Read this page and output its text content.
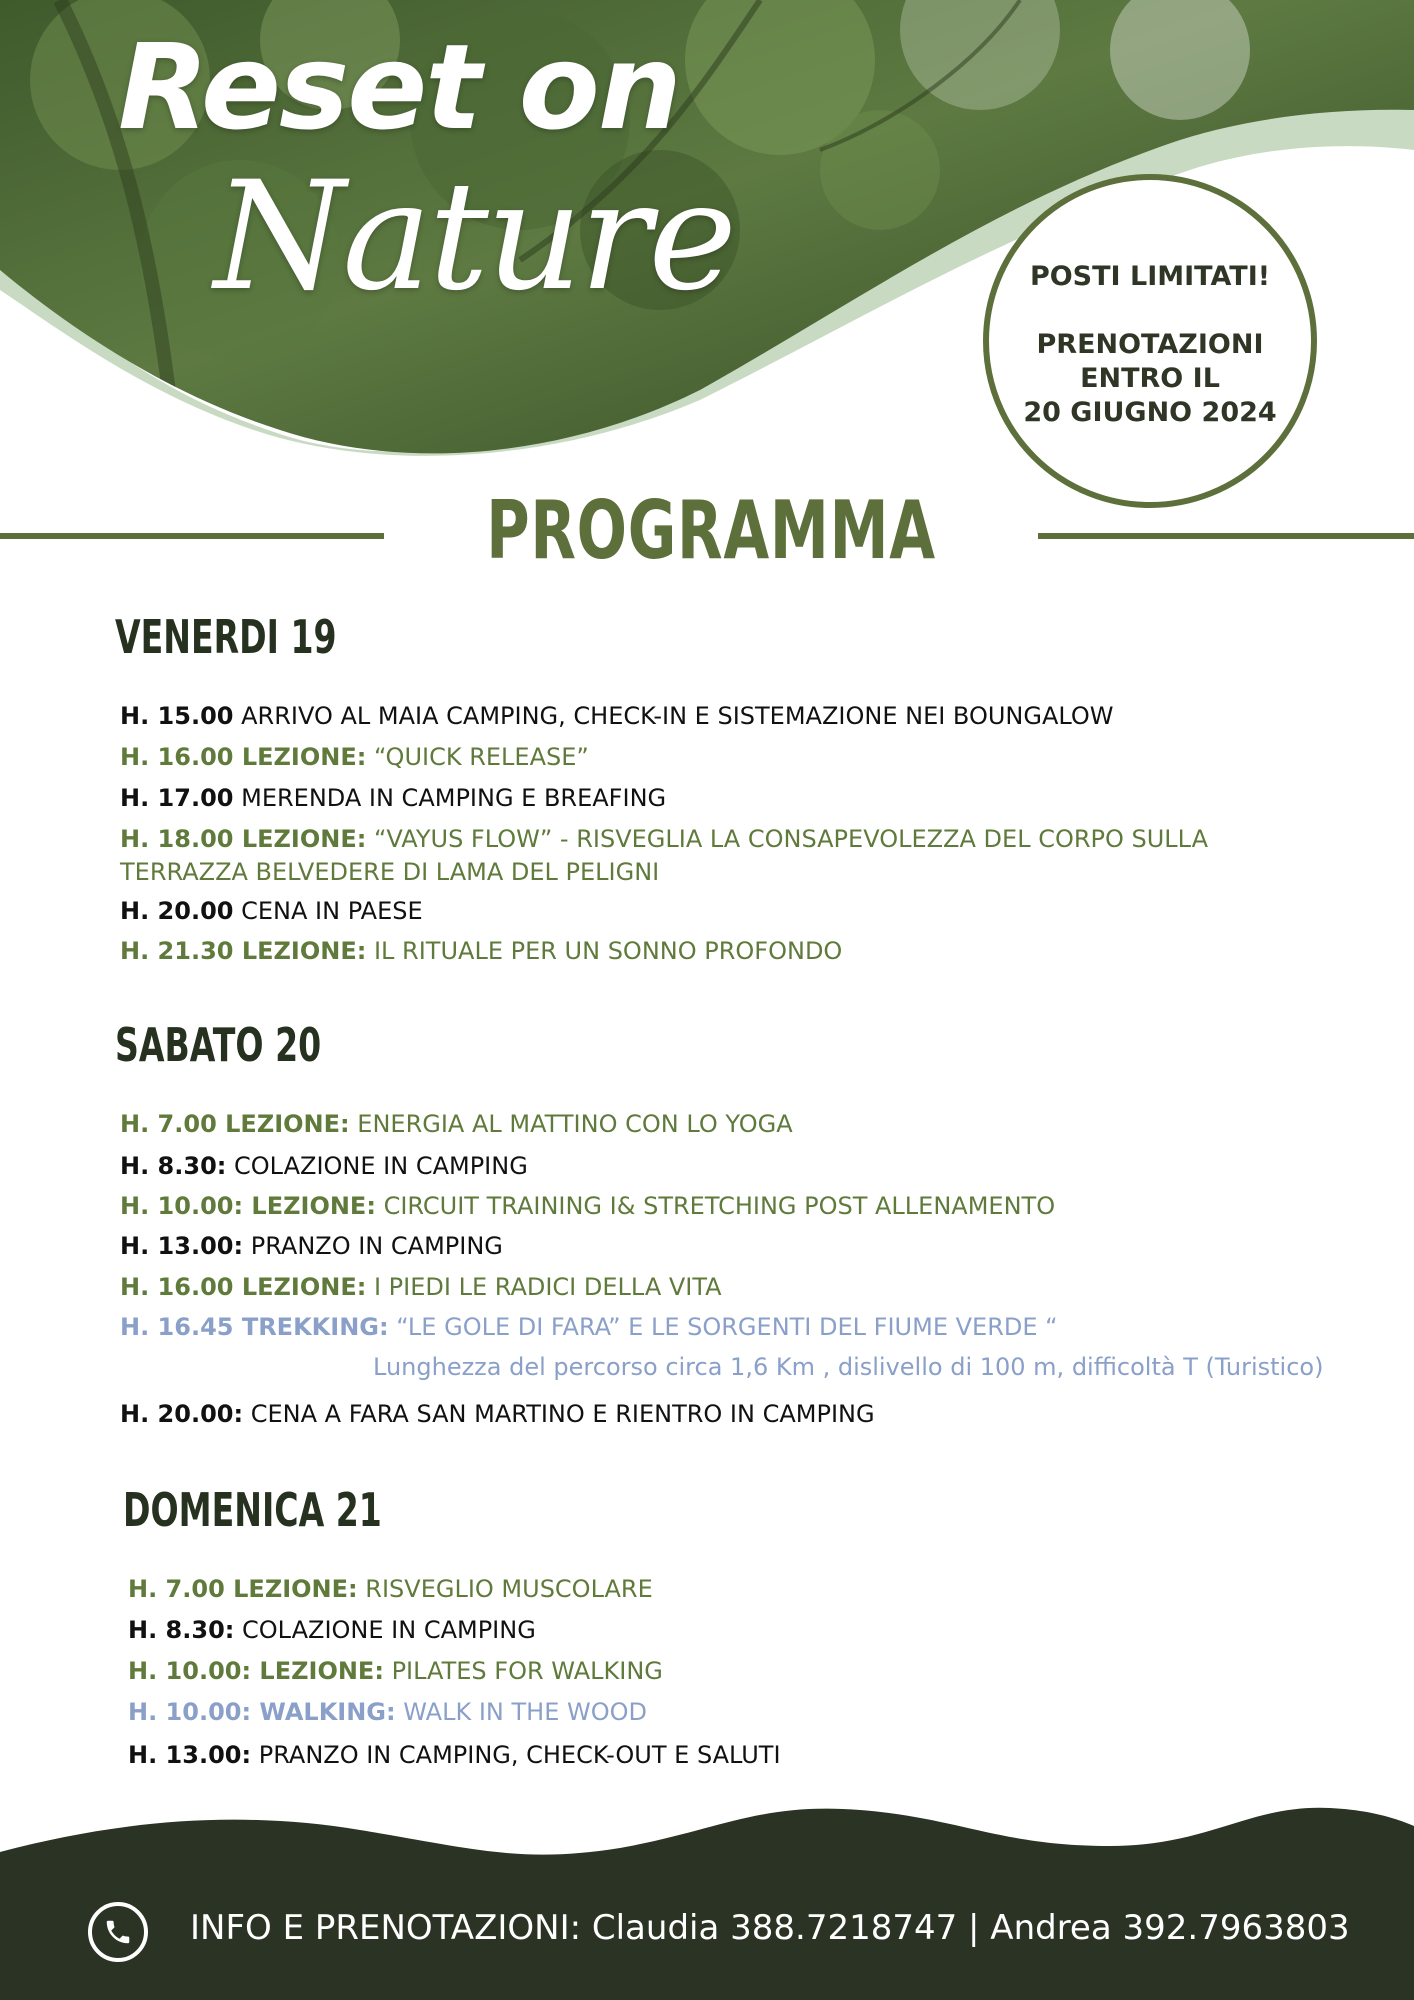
Reset on

Nature	POSTI LIMITATI!
PRENOTAZIONI
ENTRO IL
20 GIUGNO 2024
PROGRAMMA
VENERDI 19
H. 15.00 ARRIVO AL MAIA CAMPING, CHECK-IN E SISTEMAZIONE NEI BOUNGALOW
H. 16.00 LEZIONE: “QUICK RELEASE”
H. 17.00 MERENDA IN CAMPING E BREAFING
H. 18.00 LEZIONE: “VAYUS FLOW” - RISVEGLIA LA CONSAPEVOLEZZA DEL CORPO SULLA TERRAZZA BELVEDERE DI LAMA DEL PELIGNI
H. 20.00 CENA IN PAESE
H. 21.30 LEZIONE: IL RITUALE PER UN SONNO PROFONDO
SABATO 20
H. 7.00 LEZIONE: ENERGIA AL MATTINO CON LO YOGA
H. 8.30: COLAZIONE IN CAMPING
H. 10.00: LEZIONE: CIRCUIT TRAINING I& STRETCHING POST ALLENAMENTO
H. 13.00: PRANZO IN CAMPING
H. 16.00 LEZIONE: I PIEDI LE RADICI DELLA VITA
H. 16.45 TREKKING: “LE GOLE DI FARA” E LE SORGENTI DEL FIUME VERDE “
Lunghezza del percorso circa 1,6 Km , dislivello di 100 m, difficoltà T (Turistico)
H. 20.00: CENA A FARA SAN MARTINO E RIENTRO IN CAMPING
DOMENICA 21
H. 7.00 LEZIONE: RISVEGLIO MUSCOLARE
H. 8.30: COLAZIONE IN CAMPING
H. 10.00: LEZIONE: PILATES FOR WALKING
H. 10.00: WALKING: WALK IN THE WOOD
H. 13.00: PRANZO IN CAMPING, CHECK-OUT E SALUTI
INFO E PRENOTAZIONI: Claudia 388.7218747 | Andrea 392.7963803
